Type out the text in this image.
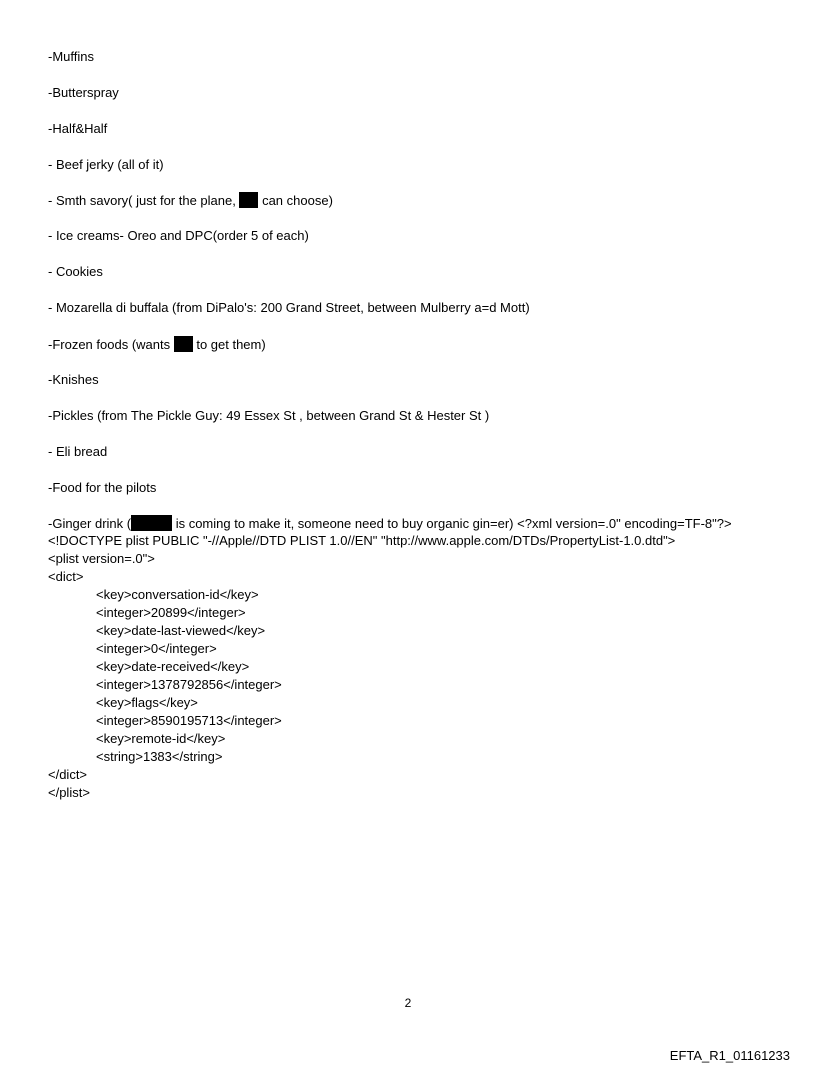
-Muffins
-Butterspray
-Half&Half
- Beef jerky (all of it)
- Smth savory( just for the plane,  can choose)
- Ice creams- Oreo and DPC(order 5 of each)
- Cookies
- Mozarella di buffala (from DiPalo's: 200 Grand Street, between Mulberry a=d Mott)
-Frozen foods (wants  to get them)
-Knishes
-Pickles (from The Pickle Guy: 49 Essex St , between Grand St & Hester St )
- Eli bread
-Food for the pilots
-Ginger drink (	is coming to make it, someone need to buy organic gin=er) <?xml version=.0" encoding=TF-8"?>
<!DOCTYPE plist PUBLIC "-//Apple//DTD PLIST 1.0//EN" "http://www.apple.com/DTDs/PropertyList-1.0.dtd">
<plist version=.0">
<dict>
<key>conversation-id</key>
<integer>20899</integer>
<key>date-last-viewed</key>
<integer>0</integer>
<key>date-received</key>
<integer>1378792856</integer>
<key>flags</key>
<integer>8590195713</integer>
<key>remote-id</key>
<string>1383</string>
</dict>
</plist>
2
EFTA_R1_01161233
